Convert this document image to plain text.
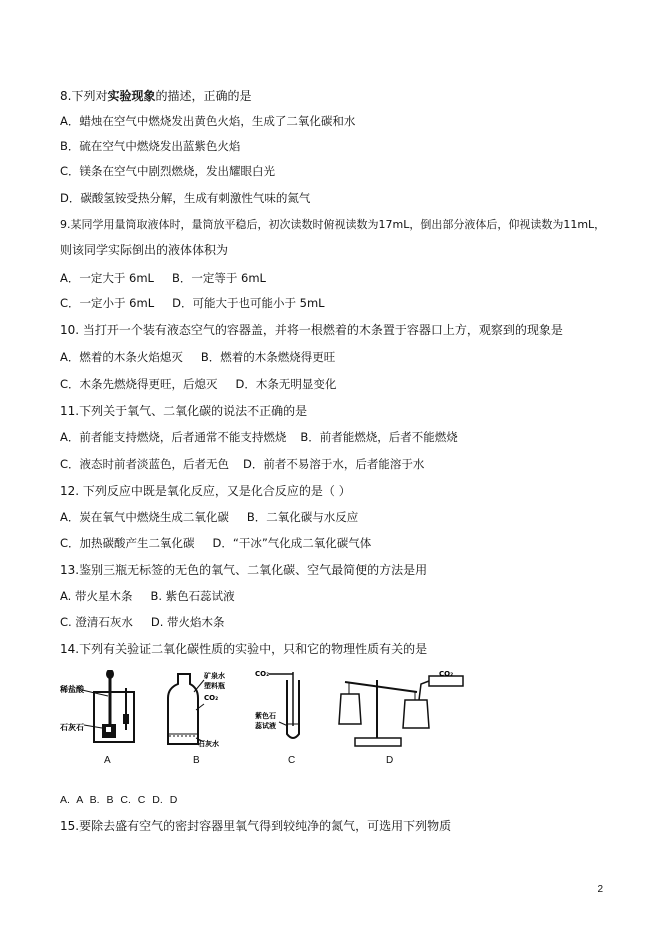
8.下列对实验现象的描述，正确的是
A．蜡烛在空气中燃烧发出黄色火焰，生成了二氧化碳和水
B．硫在空气中燃烧发出蓝紫色火焰
C．镁条在空气中剧烈燃烧，发出耀眼白光
D．碳酸氢铵受热分解，生成有刺激性气味的氮气
9.某同学用量筒取液体时，量筒放平稳后，初次读数时俯视读数为17mL，倒出部分液体后，仰视读数为11mL，
则该同学实际倒出的液体体积为
A．一定大于 6mL B．一定等于 6mL
C．一定小于 6mL D．可能大于也可能小于 5mL
10. 当打开一个装有液态空气的容器盖，并将一根燃着的木条置于容器口上方，观察到的现象是
A．燃着的木条火焰熄灭 B．燃着的木条燃烧得更旺
C．木条先燃烧得更旺，后熄灭 D．木条无明显变化
11.下列关于氧气、二氧化碳的说法不正确的是
A．前者能支持燃烧，后者通常不能支持燃烧 B．前者能燃烧，后者不能燃烧
C．液态时前者淡蓝色，后者无色 D．前者不易溶于水，后者能溶于水
12. 下列反应中既是氧化反应，又是化合反应的是（ ）
A．炭在氧气中燃烧生成二氧化碳 B．二氧化碳与水反应
C．加热碳酸产生二氧化碳 D．“干冰”气化成二氧化碳气体
13.鉴别三瓶无标签的无色的氧气、二氧化碳、空气最简便的方法是用
A. 带火星木条 B. 紫色石蕊试液
C. 澄清石灰水 D. 带火焰木条
14.下列有关验证二氧化碳性质的实验中，只和它的物理性质有关的是
稀盐酸
石灰石
A
矿泉水
塑料瓶
CO₂
石灰水
B
CO₂
紫色石
蕊试液
C
CO₂
D
A. A B. B C. C D. D
15.要除去盛有空气的密封容器里氧气得到较纯净的氮气，可选用下列物质
2
